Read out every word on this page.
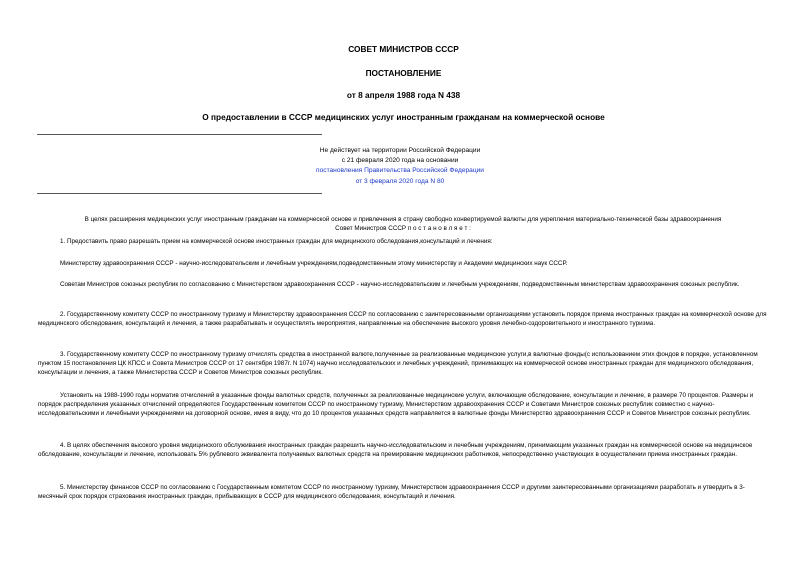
СОВЕТ МИНИСТРОВ СССР
ПОСТАНОВЛЕНИЕ
от 8 апреля 1988 года N 438
О предоставлении в СССР медицинских услуг иностранным гражданам на коммерческой основе
Не действует на территории Российской Федерации
с 21 февраля 2020 года на основании
постановления Правительства Российской Федерации
от 3 февраля 2020 года N 80
В целях расширения медицинских услуг иностранным гражданам на коммерческой основе и привлечения в страну свободно конвертируемой валюты для укрепления материально-технической базы здравоохранения
Совет Министров СССР п о с т а н о в л я е т :
1. Предоставить право разрешать прием на коммерческой основе иностранных граждан для медицинского обследования,консультаций и лечения:
Министерству здравоохранения СССР - научно-исследовательским и лечебным учреждениям,подведомственным этому министерству и Академии медицинских наук СССР.
Советам Министров союзных республик по согласованию с Министерством здравоохранения СССР - научно-исследовательским и лечебным учреждениям, подведомственным министерствам здравоохранения союзных республик.
2. Государственному комитету СССР по иностранному туризму и Министерству здравоохранения СССР по согласованию с заинтересованными организациями установить порядок приема иностранных граждан на коммерческой основе для медицинского обследования, консультаций и лечения, а также разрабатывать и осуществлять мероприятия, направленные на обеспечение высокого уровня лечебно-оздоровительного и иностранного туризма.
3. Государственному комитету СССР по иностранному туризму отчислять средства в иностранной валюте,полученные за реализованные медицинские услуги,в валютные фонды(с использованием этих фондов в порядке, установленном пунктом 15 постановления ЦК КПСС и Совета Министров СССР от 17 сентября 1987г. N 1074) научно исследовательских и лечебных учреждений, принимающих на коммерческой основе иностранных граждан для медицинского обследования, консультации и лечения, а также Министерства СССР и Советов Министров союзных республик.
Установить на 1988-1990 годы норматив отчислений в указанные фонды валютных средств, полученных за реализованные медицинские услуги, включающие обследование, консультации и лечение, в размере 70 процентов. Размеры и порядок распределения указанных отчислений определяются Государственным комитетом СССР по иностранному туризму, Министерством здравоохранения СССР и Советами Министров союзных республик совместно с научно-исследовательскими и лечебными учреждениями на договорной основе, имея в виду, что до 10 процентов указанных средств направляется в валютные фонды Министерство здравоохранения СССР и Советов Министров союзных республик.
4. В целях обеспечения высокого уровня медицинского обслуживания иностранных граждан разрешить научно-исследовательским и лечебным учреждениям, принимающим указанных граждан на коммерческой основе на медицинское обследование, консультации и лечение, использовать 5% рублевого эквивалента получаемых валютных средств на премирование медицинских работников, непосредственно участвующих в осуществлении приема иностранных граждан.
5. Министерству финансов СССР по согласованию с Государственным комитетом СССР по иностранному туризму, Министерством здравоохранения СССР и другими заинтересованными организациями разработать и утвердить в 3-месячный срок порядок страхования иностранных граждан, прибывающих в СССР для медицинского обследования, консультаций и лечения.
